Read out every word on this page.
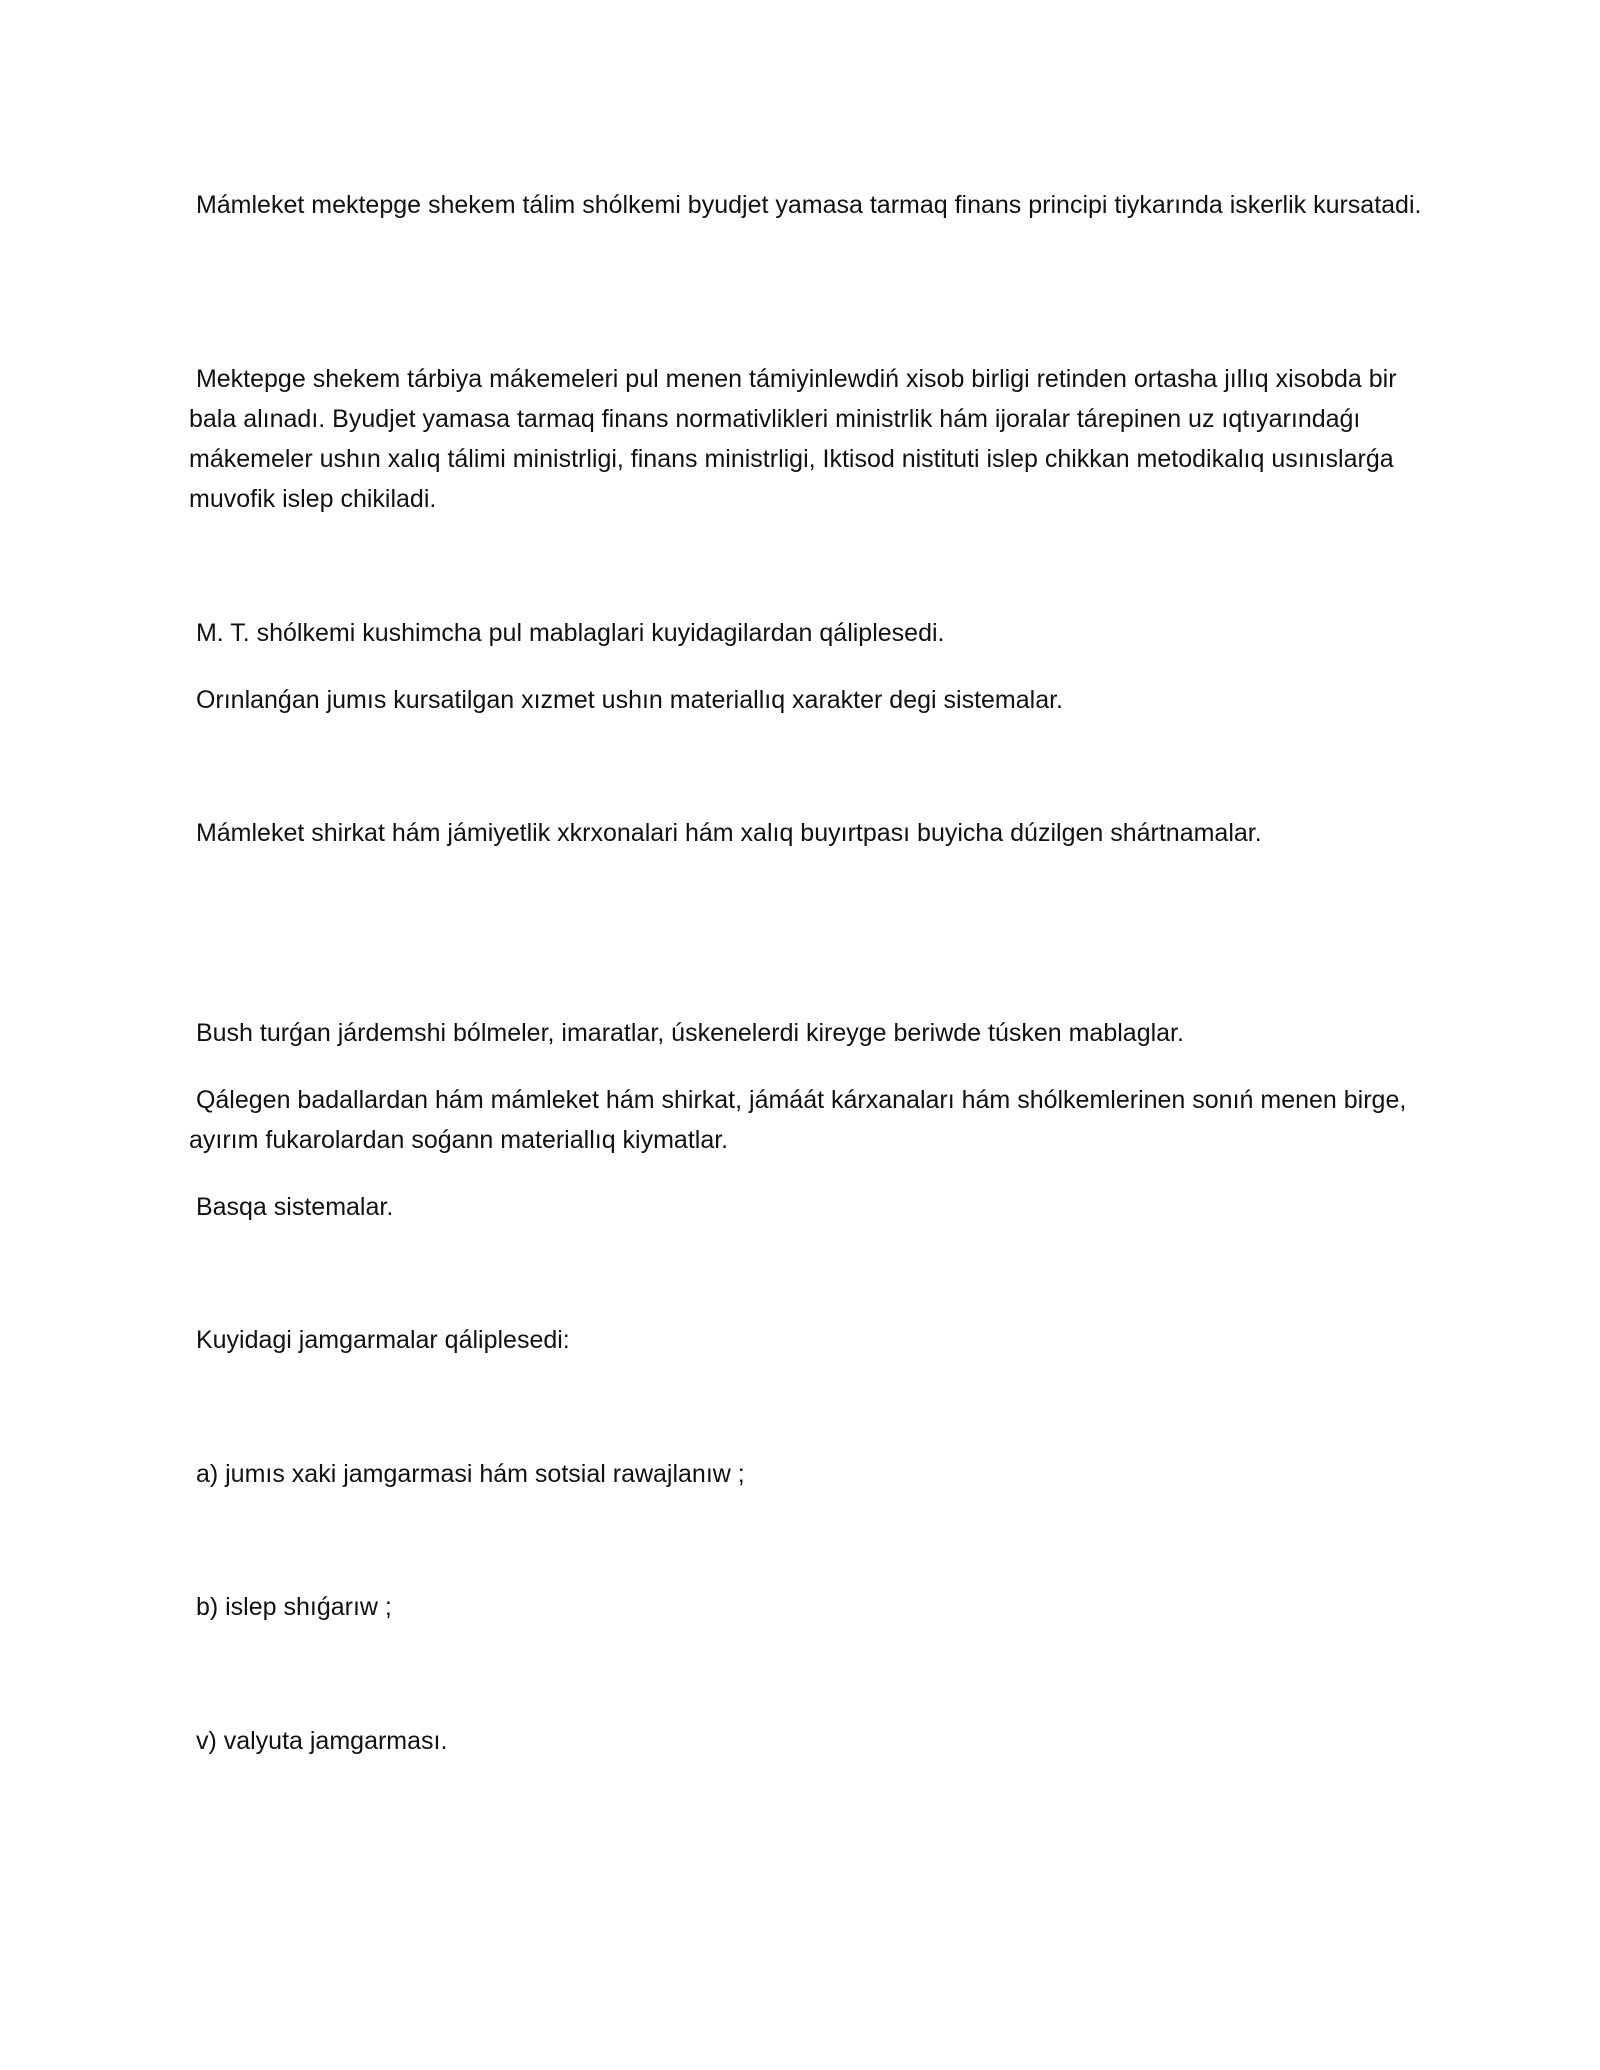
Mámleket mektepge shekem tálim shólkemi byudjet yamasa tarmaq finans principi tiykarında iskerlik kursatadi.

Mektepge shekem tárbiya mákemeleri pul menen támiyinlewdiń xisob birligi retinden ortasha jıllıq xisobda bir bala alınadı. Byudjet yamasa tarmaq finans normativlikleri ministrlik hám ijoralar tárepinen uz ıqtıyarındaǵı mákemeler ushın xalıq tálimi ministrligi, finans ministrligi, Iktisod nistituti islep chikkan metodikalıq usınıslarǵa muvofik islep chikiladi.

M. T. shólkemi kushimcha pul mablaglari kuyidagilardan qáliplesedi.

Orınlanǵan jumıs kursatilgan xızmet ushın materiallıq xarakter degi sistemalar.

Mámleket shirkat hám jámiyetlik xkrxonalari hám xalıq buyırtpası buyicha dúzilgen shártnamalar.

Bush turǵan járdemshi bólmeler, imaratlar, úskenelerdi kireyge beriwde túsken mablaglar.

Qálegen badallardan hám mámleket hám shirkat, jámáát kárxanaları hám shólkemlerinen sonıń menen birge, ayırım fukarolardan soǵann materiallıq kiymatlar.

Basqa sistemalar.

Kuyidagi jamgarmalar qáliplesedi:

a) jumıs xaki jamgarmasi hám sotsial rawajlanıw ;

b) islep shıǵarıw ;

v) valyuta jamgarması.
